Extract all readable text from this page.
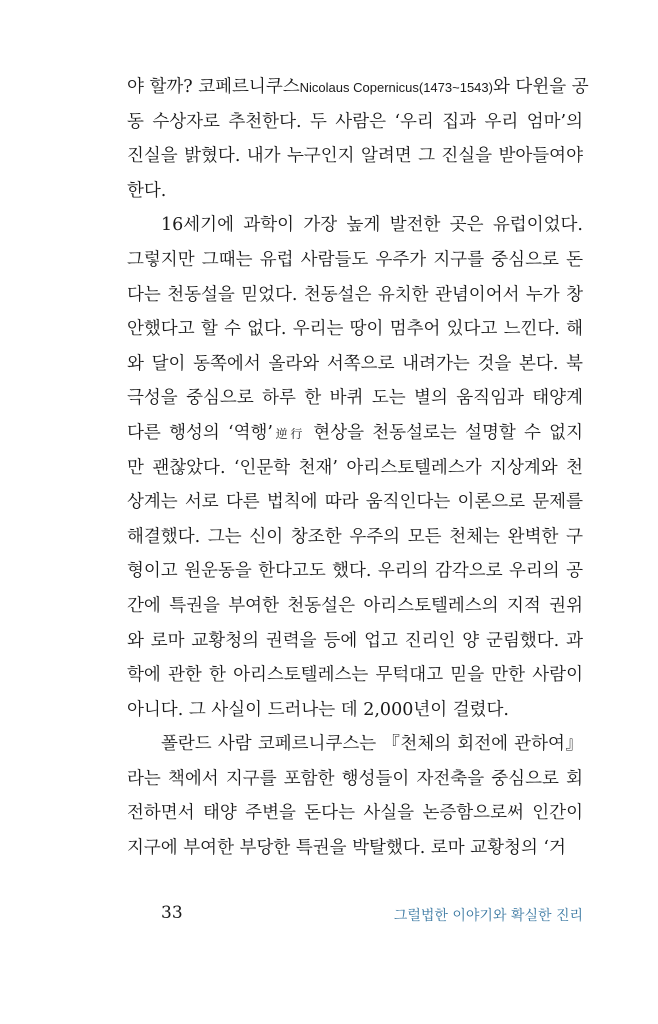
야 할까? 코페르니쿠스Nicolaus Copernicus(1473~1543)와 다윈을 공
동 수상자로 추천한다. 두 사람은 ‘우리 집과 우리 엄마’의
진실을 밝혔다. 내가 누구인지 알려면 그 진실을 받아들여야
한다.
16세기에 과학이 가장 높게 발전한 곳은 유럽이었다.
그렇지만 그때는 유럽 사람들도 우주가 지구를 중심으로 돈
다는 천동설을 믿었다. 천동설은 유치한 관념이어서 누가 창
안했다고 할 수 없다. 우리는 땅이 멈추어 있다고 느낀다. 해
와 달이 동쪽에서 올라와 서쪽으로 내려가는 것을 본다. 북
극성을 중심으로 하루 한 바퀴 도는 별의 움직임과 태양계
다른 행성의 ‘역행’逆行 현상을 천동설로는 설명할 수 없지
만 괜찮았다. ‘인문학 천재’ 아리스토텔레스가 지상계와 천
상계는 서로 다른 법칙에 따라 움직인다는 이론으로 문제를
해결했다. 그는 신이 창조한 우주의 모든 천체는 완벽한 구
형이고 원운동을 한다고도 했다. 우리의 감각으로 우리의 공
간에 특권을 부여한 천동설은 아리스토텔레스의 지적 권위
와 로마 교황청의 권력을 등에 업고 진리인 양 군림했다. 과
학에 관한 한 아리스토텔레스는 무턱대고 믿을 만한 사람이
아니다. 그 사실이 드러나는 데 2,000년이 걸렸다.
폴란드 사람 코페르니쿠스는 『천체의 회전에 관하여』
라는 책에서 지구를 포함한 행성들이 자전축을 중심으로 회
전하면서 태양 주변을 돈다는 사실을 논증함으로써 인간이
지구에 부여한 부당한 특권을 박탈했다. 로마 교황청의 ‘거
33	그럴법한 이야기와 확실한 진리
